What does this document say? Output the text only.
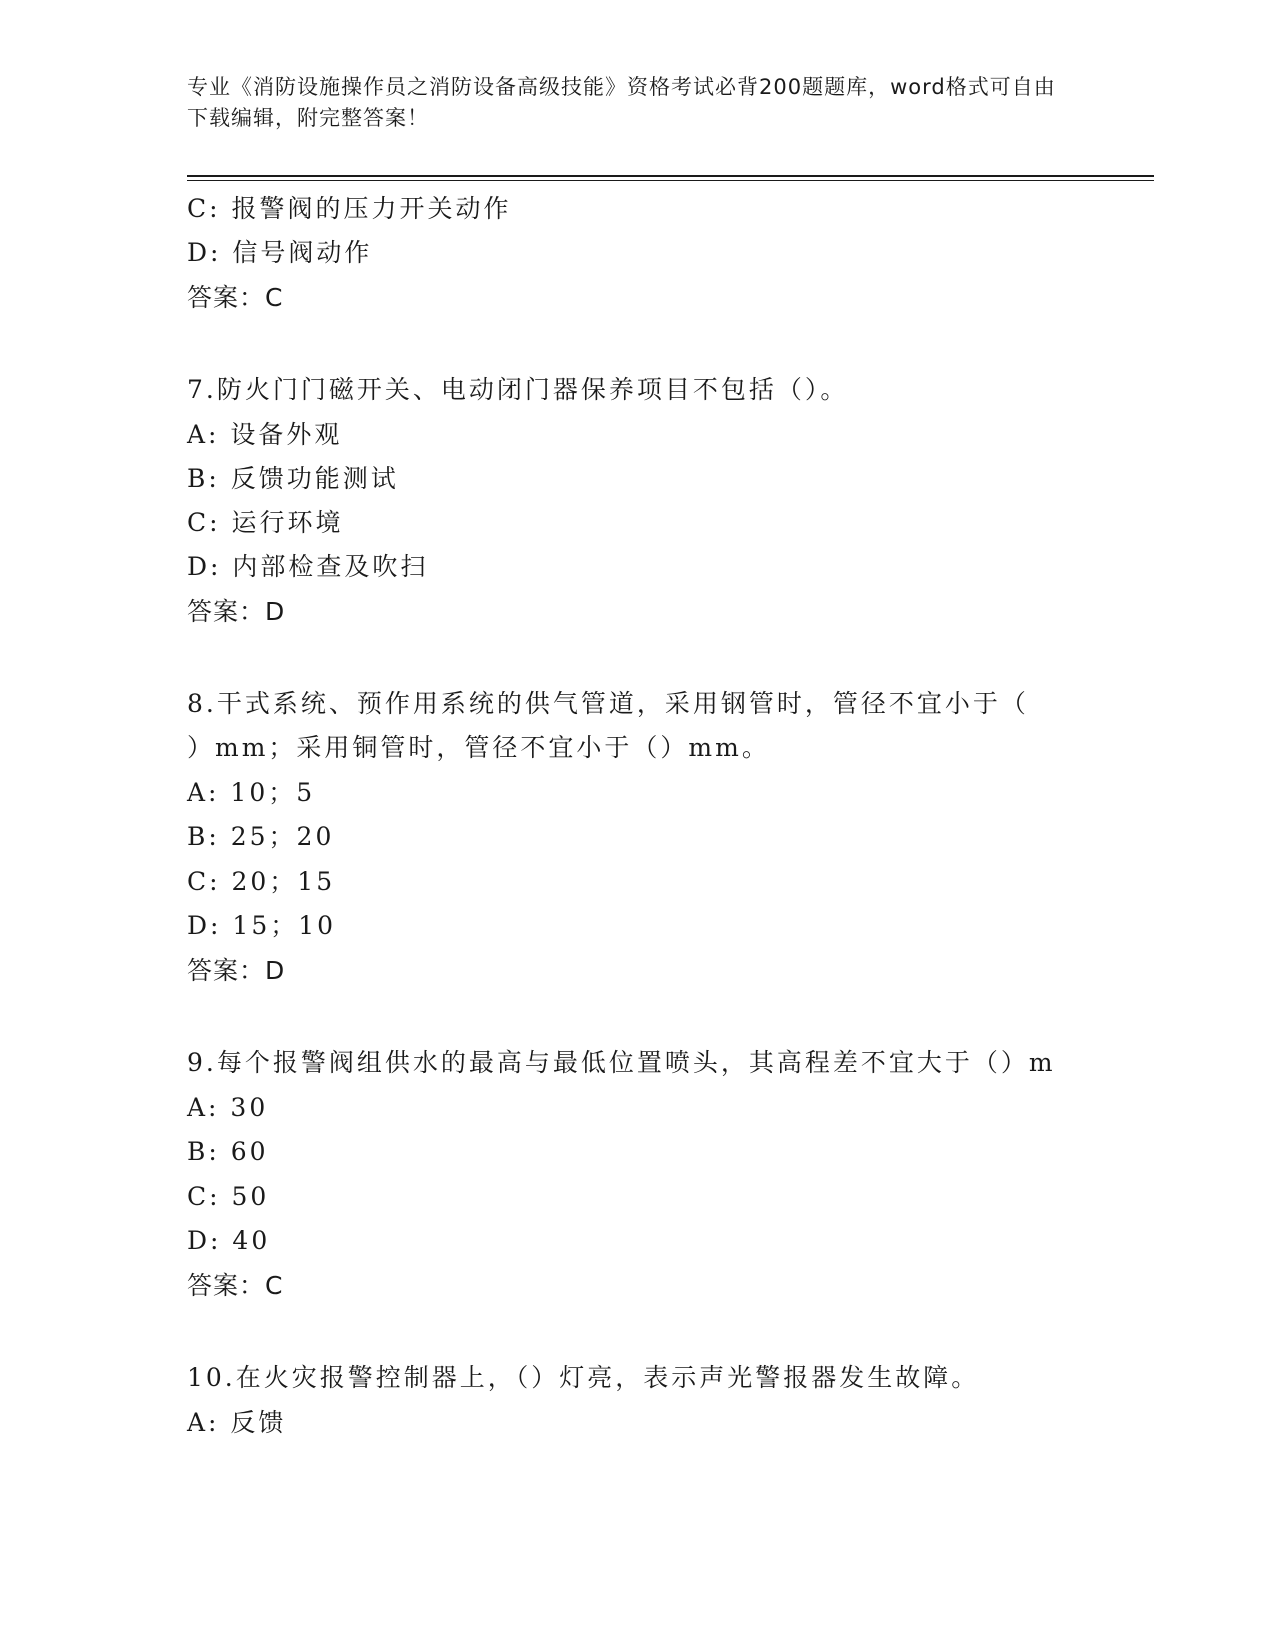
专业《消防设施操作员之消防设备高级技能》资格考试必背200题题库，word格式可自由下载编辑，附完整答案！
C: 报警阀的压力开关动作
D: 信号阀动作
答案：C
7.防火门门磁开关、电动闭门器保养项目不包括（）。
A: 设备外观
B: 反馈功能测试
C: 运行环境
D: 内部检查及吹扫
答案：D
8.干式系统、预作用系统的供气管道，采用钢管时，管径不宜小于（
）mm；采用铜管时，管径不宜小于（）mm。
A: 10；5
B: 25；20
C: 20；15
D: 15；10
答案：D
9.每个报警阀组供水的最高与最低位置喷头，其高程差不宜大于（）m
A: 30
B: 60
C: 50
D: 40
答案：C
10.在火灾报警控制器上，（）灯亮，表示声光警报器发生故障。
A: 反馈
